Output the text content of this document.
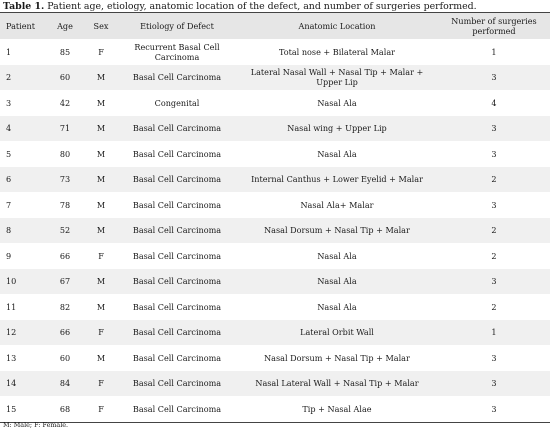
Table 1. Patient age, etiology, anatomic location of the defect, and number of surgeries performed.
Patient	Age	Sex	Etiology of Defect	Anatomic Location	Number of surgeries performed
1	85	F	Recurrent Basal Cell Carcinoma	Total nose + Bilateral Malar	1
2	60	M	Basal Cell Carcinoma	Lateral Nasal Wall + Nasal Tip + Malar + Upper Lip	3
3	42	M	Congenital	Nasal Ala	4
4	71	M	Basal Cell Carcinoma	Nasal wing + Upper Lip	3
5	80	M	Basal Cell Carcinoma	Nasal Ala	3
6	73	M	Basal Cell Carcinoma	Internal Canthus + Lower Eyelid + Malar	2
7	78	M	Basal Cell Carcinoma	Nasal Ala+ Malar	3
8	52	M	Basal Cell Carcinoma	Nasal Dorsum + Nasal Tip + Malar	2
9	66	F	Basal Cell Carcinoma	Nasal Ala	2
10	67	M	Basal Cell Carcinoma	Nasal Ala	3
11	82	M	Basal Cell Carcinoma	Nasal Ala	2
12	66	F	Basal Cell Carcinoma	Lateral Orbit Wall	1
13	60	M	Basal Cell Carcinoma	Nasal Dorsum + Nasal Tip + Malar	3
14	84	F	Basal Cell Carcinoma	Nasal Lateral Wall + Nasal Tip + Malar	3
15	68	F	Basal Cell Carcinoma	Tip + Nasal Alae	3
M: Male; F: Female.
